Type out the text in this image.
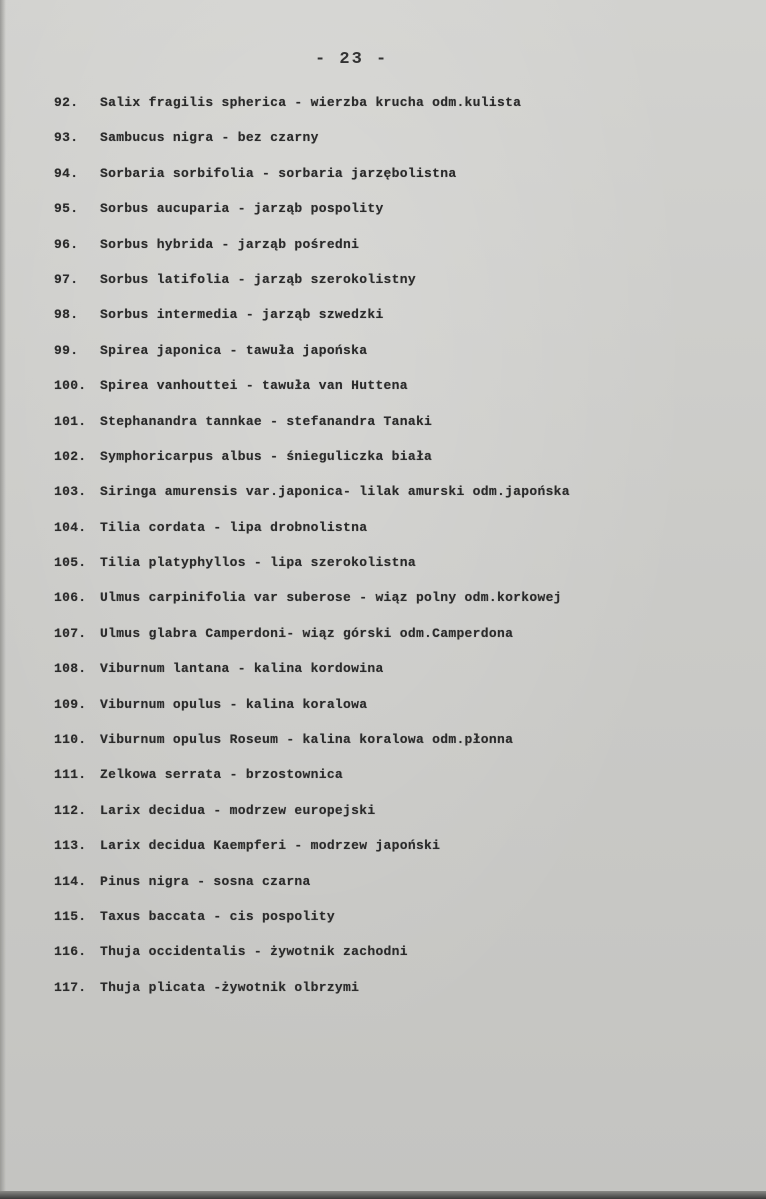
- 23 -
92.	Salix fragilis spherica - wierzba krucha odm.kulista
93.	Sambucus nigra - bez czarny
94.	Sorbaria sorbifolia - sorbaria jarzębolistna
95.	Sorbus aucuparia - jarząb pospolity
96.	Sorbus hybrida - jarząb pośredni
97.	Sorbus latifolia - jarząb szerokolistny
98.	Sorbus intermedia - jarząb szwedzki
99.	Spirea japonica - tawuła japońska
100.	Spirea vanhouttei - tawuła van Huttena
101.	Stephanandra tannkae - stefanandra Tanaki
102.	Symphoricarpus albus - śnieguliczka biała
103.	Siringa amurensis var.japonica- lilak amurski odm.japońska
104.	Tilia cordata - lipa drobnolistna
105.	Tilia platyphyllos - lipa szerokolistna
106.	Ulmus carpinifolia var suberose - wiąz polny odm.korkowej
107.	Ulmus glabra Camperdoni- wiąz górski odm.Camperdona
108.	Viburnum lantana - kalina kordowina
109.	Viburnum opulus - kalina koralowa
110.	Viburnum opulus Roseum - kalina koralowa odm.płonna
111.	Zelkowa serrata - brzostownica
112.	Larix decidua - modrzew europejski
113.	Larix decidua Kaempferi - modrzew japoński
114.	Pinus nigra - sosna czarna
115.	Taxus baccata - cis pospolity
116.	Thuja occidentalis - żywotnik zachodni
117.	Thuja plicata -żywotnik olbrzymi
